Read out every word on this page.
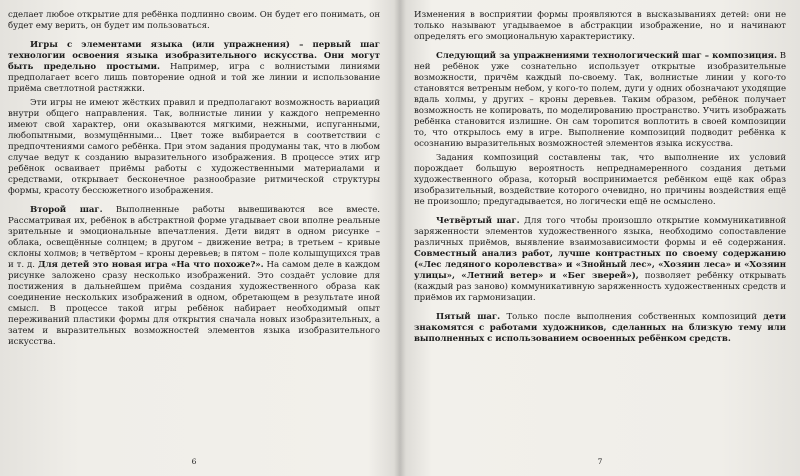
сделает любое открытие для ребёнка подлинно своим. Он будет его понимать, он будет ему верить, он будет им пользоваться.

Игры с элементами языка (или упражнения) – первый шаг технологии освоения языка изобразительного искусства. Они могут быть предельно простыми. Например, игра с волнистыми линиями предполагает всего лишь повторение одной и той же линии и использование приёма светлотной растяжки.

Эти игры не имеют жёстких правил и предполагают возможность вариаций внутри общего направления. Так, волнистые линии у каждого непременно имеют свой характер, они оказываются мягкими, нежными, испуганными, любопытными, возмущёнными... Цвет тоже выбирается в соответствии с предпочтениями самого ребёнка. При этом задания продуманы так, что в любом случае ведут к созданию выразительного изображения. В процессе этих игр ребёнок осваивает приёмы работы с художественными материалами и средствами, открывает бесконечное разнообразие ритмической структуры формы, красоту бессюжетного изображения.

Второй шаг. Выполненные работы вывешиваются все вместе. Рассматривая их, ребёнок в абстрактной форме угадывает свои вполне реальные зрительные и эмоциональные впечатления. Дети видят в одном рисунке – облака, освещённые солнцем; в другом – движение ветра; в третьем – кривые склоны холмов; в четвёртом – кроны деревьев; в пятом – поле колыщущихся трав и т. д. Для детей это новая игра «На что похоже?». На самом деле в каждом рисунке заложено сразу несколько изображений. Это создаёт условие для постижения в дальнейшем приёма создания художественного образа как соединение нескольких изображений в одном, обретающем в результате иной смысл. В процессе такой игры ребёнок набирает необходимый опыт переживаний пластики формы для открытия сначала новых изобразительных, а затем и выразительных возможностей элементов языка изобразительного искусства.

6

Изменения в восприятии формы проявляются в высказываниях детей: они не только называют угадываемое в абстракции изображение, но и начинают определять его эмоциональную характеристику.

Следующий за упражнениями технологический шаг – композиция. В ней ребёнок уже сознательно использует открытые изобразительные возможности, причём каждый по-своему. Так, волнистые линии у кого-то становятся ветреным небом, у кого-то полем, дуги у одних обозначают уходящие вдаль холмы, у других – кроны деревьев. Таким образом, ребёнок получает возможность не копировать, по моделированию пространство. Учить изображать ребёнка становится излишне. Он сам торопится воплотить в своей композиции то, что открылось ему в игре. Выполнение композиций подводит ребёнка к осознанию выразительных возможностей элементов языка искусства.

Задания композиций составлены так, что выполнение их условий порождает большую вероятность непреднамеренного создания детьми художественного образа, который воспринимается ребёнком ещё как образ изобразительный, воздействие которого очевидно, но причины воздействия ещё не произошло; предугадывается, но логически ещё не осмыслено.

Четвёртый шаг. Для того чтобы произошло открытие коммуникативной заряженности элементов художественного языка, необходимо сопоставление различных приёмов, выявление взаимозависимости формы и её содержания. Совместный анализ работ, лучше контрастных по своему содержанию («Лес ледяного королевства» и «Знойный лес», «Хозяин леса» и «Хозяин улицы», «Летний ветер» и «Бег зверей»), позволяет ребёнку открывать (каждый раз заново) коммуникативную заряженность художественных средств и приёмов их гармонизации.

Пятый шаг. Только после выполнения собственных композиций дети знакомятся с работами художников, сделанных на близкую тему или выполненных с использованием освоенных ребёнком средств.

7
